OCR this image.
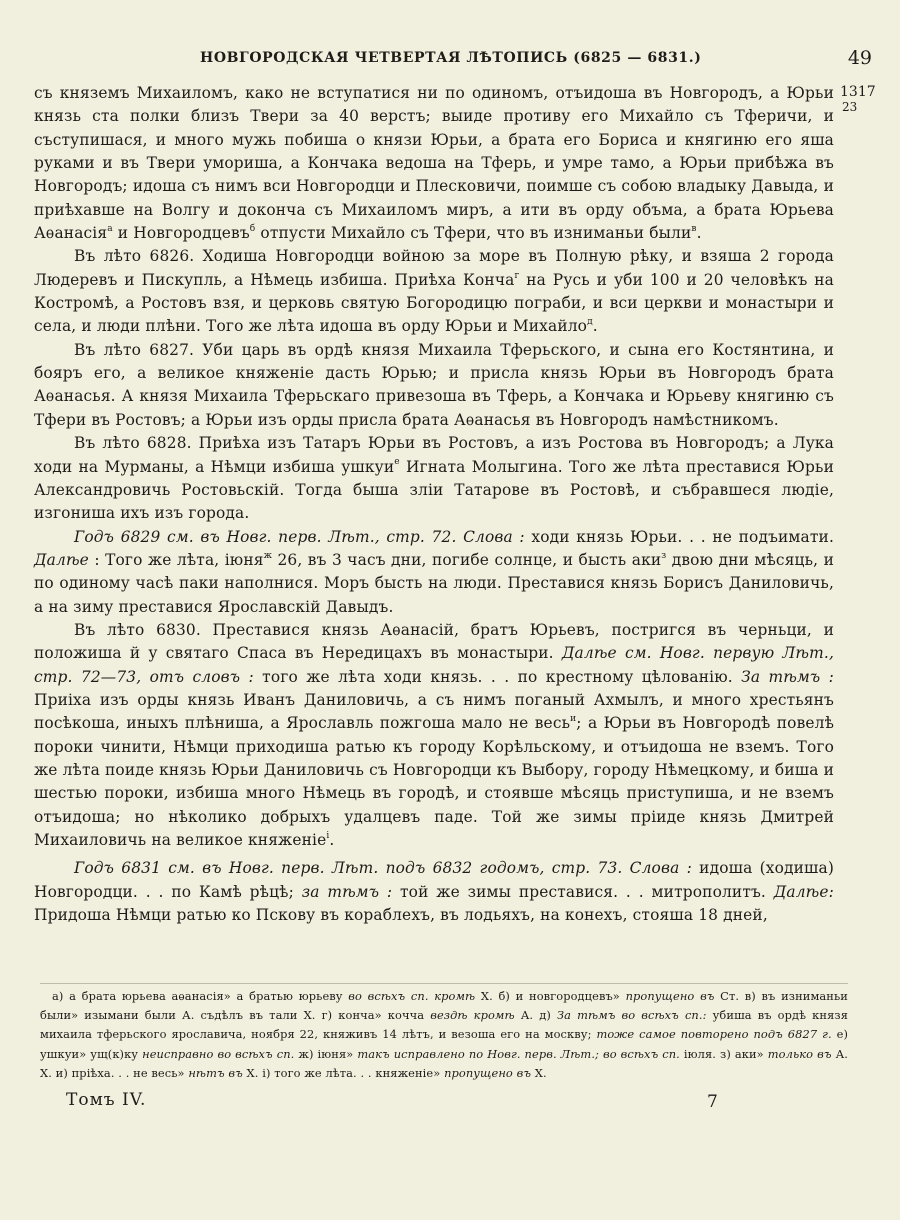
НОВГОРОДСКАЯ ЧЕТВЕРТАЯ ЛѢТОПИСЬ (6825 — 6831.)	49
1317
23

съ княземъ Михаиломъ, како не вступатися ни по одиномъ, отъидоша въ Новгородъ, а Юрьи князь ста полки близъ Твери за 40 верстъ; выиде противу его Михайло съ Тферичи, и съступишася, и много мужь побиша о князи Юрьи, а брата его Бориса и княгиню его яша руками и въ Твери умориша, а Кончака ведоша на Тферь, и умре тамо, а Юрьи прибѣжа въ Новгородъ; идоша съ нимъ вси Новгородци и Плесковичи, поимше съ собою владыку Давыда, и приѣхавше на Волгу и доконча съ Михаиломъ миръ, а ити въ орду объма, а брата Юрьева Аѳанасія$^а$ и Новгородцевъ$^б$ отпусти Михайло съ Тфери, что въ изниманьи были$^в$.

Въ лѣто 6826. Ходиша Новгородци войною за море въ Полную рѣку, и взяша 2 города Людеревъ и Пискупль, а Нѣмець избиша. Приѣха Конча$^г$ на Русь и уби 100 и 20 человѣкъ на Костромѣ, а Ростовъ взя, и церковь святую Богородицю пограби, и вси церкви и монастыри и села, и люди плѣни. Того же лѣта идоша въ орду Юрьи и Михайло$^д$.

Въ лѣто 6827. Уби царь въ ордѣ князя Михаила Тферьского, и сына его Костянтина, и бояръ его, а великое княженіе дасть Юрью; и присла князь Юрьи въ Новгородъ брата Аѳанасья. А князя Михаила Тферьскаго привезоша въ Тферь, а Кончака и Юрьеву княгиню съ Тфери въ Ростовъ; а Юрьи изъ орды присла брата Аѳанасья въ Новгородъ намѣстникомъ.

Въ лѣто 6828. Приѣха изъ Татаръ Юрьи въ Ростовъ, а изъ Ростова въ Новгородъ; а Лука ходи на Мурманы, а Нѣмци избиша ушкуи$^е$ Игната Молыгина. Того же лѣта преставися Юрьи Александровичь Ростовьскій. Тогда быша зліи Татарове въ Ростовѣ, и събравшеся людіе, изгониша ихъ изъ города.

Годъ 6829 см. въ Новг. перв. Лѣт., стр. 72. Слова : ходи князь Юрьи. . . не подъимати. Далѣе : Того же лѣта, іюня$^ж$ 26, въ 3 часъ дни, погибе солнце, и бысть аки$^з$ двою дни мѣсяць, и по одиному часѣ паки наполнися. Моръ бысть на люди. Преставися князь Борисъ Даниловичь, а на зиму преставися Ярославскій Давыдъ.

Въ лѣто 6830. Преставися князь Аѳанасій, братъ Юрьевъ, постригся въ черньци, и положиша й у святаго Спаса въ Нередицахъ въ монастыри. Далѣе см. Новг. первую Лѣт., стр. 72—73, отъ словъ : того же лѣта ходи князь. . . по крестному цѣлованію. За тѣмъ : Приіха изъ орды князь Иванъ Даниловичь, а съ нимъ поганый Ахмылъ, и много хрестьянъ посѣкоша, иныхъ плѣниша, а Ярославль пожгоша мало не весь$^и$; а Юрьи въ Новгородѣ повелѣ пороки чинити, Нѣмци приходиша ратью къ городу Корѣльскому, и отъидоша не вземъ. Того же лѣта поиде князь Юрьи Даниловичь съ Новгородци къ Выбору, городу Нѣмецкому, и биша и шестью пороки, избиша много Нѣмець въ городѣ, и стоявше мѣсяць приступиша, и не вземъ отъидоша; но нѣколико добрыхъ удалцевъ паде. Той же зимы пріиде князь Дмитрей Михаиловичь на великое княженіе$^і$.

Годъ 6831 см. въ Новг. перв. Лѣт. подъ 6832 годомъ, стр. 73. Слова : идоша (ходиша) Новгородци. . . по Камѣ рѣцѣ; за тѣмъ : той же зимы преставися. . . митрополитъ. Далѣе: Придоша Нѣмци ратью ко Пскову въ кораблехъ, въ лодьяхъ, на конехъ, стояша 18 дней,

а) а брата юрьева аѳанасія» а братью юрьеву во всѣхъ сп. кромѣ X. б) и новгородцевъ» пропущено въ Ст. в) въ изниманьи были» изымани были А. съдѣлъ въ тали X. г) конча» кочча вездѣ кромѣ А. д) За тѣмъ во всѣхъ сп.: убиша въ ордѣ князя михаила тферьского ярославича, ноября 22, княживъ 14 лѣтъ, и везоша его на москву; тоже самое повторено подъ 6827 г. е) ушкуи» ущ(к)ку неисправно во всѣхъ сп. ж) іюня» такъ исправлено по Новг. перв. Лѣт.; во всѣхъ сп. іюля. з) аки» только въ А. X. и) пріѣха. . . не весь» нѣтъ въ X. і) того же лѣта. . . княженіе» пропущено въ X.

Томъ IV.	7
